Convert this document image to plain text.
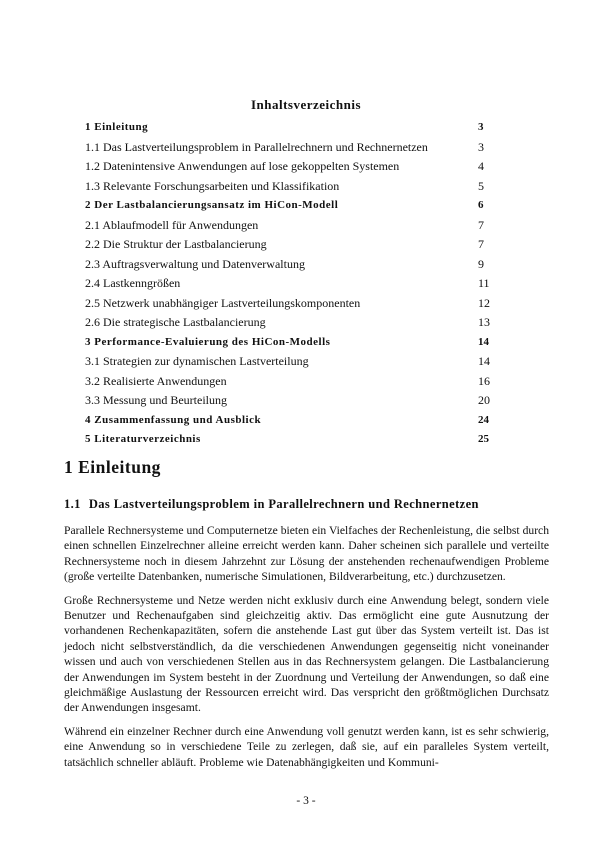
Inhaltsverzeichnis
1 Einleitung	3
1.1 Das Lastverteilungsproblem in Parallelrechnern und Rechnernetzen	3
1.2 Datenintensive Anwendungen auf lose gekoppelten Systemen	4
1.3 Relevante Forschungsarbeiten und Klassifikation	5
2 Der Lastbalancierungsansatz im HiCon-Modell	6
2.1 Ablaufmodell für Anwendungen	7
2.2 Die Struktur der Lastbalancierung	7
2.3 Auftragsverwaltung und Datenverwaltung	9
2.4 Lastkenngrößen	11
2.5 Netzwerk unabhängiger Lastverteilungskomponenten	12
2.6 Die strategische Lastbalancierung	13
3 Performance-Evaluierung des HiCon-Modells	14
3.1 Strategien zur dynamischen Lastverteilung	14
3.2 Realisierte Anwendungen	16
3.3 Messung und Beurteilung	20
4 Zusammenfassung und Ausblick	24
5 Literaturverzeichnis	25
1 Einleitung
1.1 Das Lastverteilungsproblem in Parallelrechnern und Rechnernetzen

Parallele Rechnersysteme und Computernetze bieten ein Vielfaches der Rechenleistung, die selbst durch einen schnellen Einzelrechner alleine erreicht werden kann. Daher scheinen sich parallele und verteilte Rechnersysteme noch in diesem Jahrzehnt zur Lösung der anstehenden rechenaufwendigen Probleme (große verteilte Datenbanken, numerische Simulationen, Bildverarbeitung, etc.) durchzusetzen.

Große Rechnersysteme und Netze werden nicht exklusiv durch eine Anwendung belegt, sondern viele Benutzer und Rechenaufgaben sind gleichzeitig aktiv. Das ermöglicht eine gute Ausnutzung der vorhandenen Rechenkapazitäten, sofern die anstehende Last gut über das System verteilt ist. Das ist jedoch nicht selbstverständlich, da die verschiedenen Anwendungen gegenseitig nicht voneinander wissen und auch von verschiedenen Stellen aus in das Rechnersystem gelangen. Die Lastbalancierung der Anwendungen im System besteht in der Zuordnung und Verteilung der Anwendungen, so daß eine gleichmäßige Auslastung der Ressourcen erreicht wird. Das verspricht den größtmöglichen Durchsatz der Anwendungen insgesamt.

Während ein einzelner Rechner durch eine Anwendung voll genutzt werden kann, ist es sehr schwierig, eine Anwendung so in verschiedene Teile zu zerlegen, daß sie, auf ein paralleles System verteilt, tatsächlich schneller abläuft. Probleme wie Datenabhängigkeiten und Kommuni-

- 3 -
